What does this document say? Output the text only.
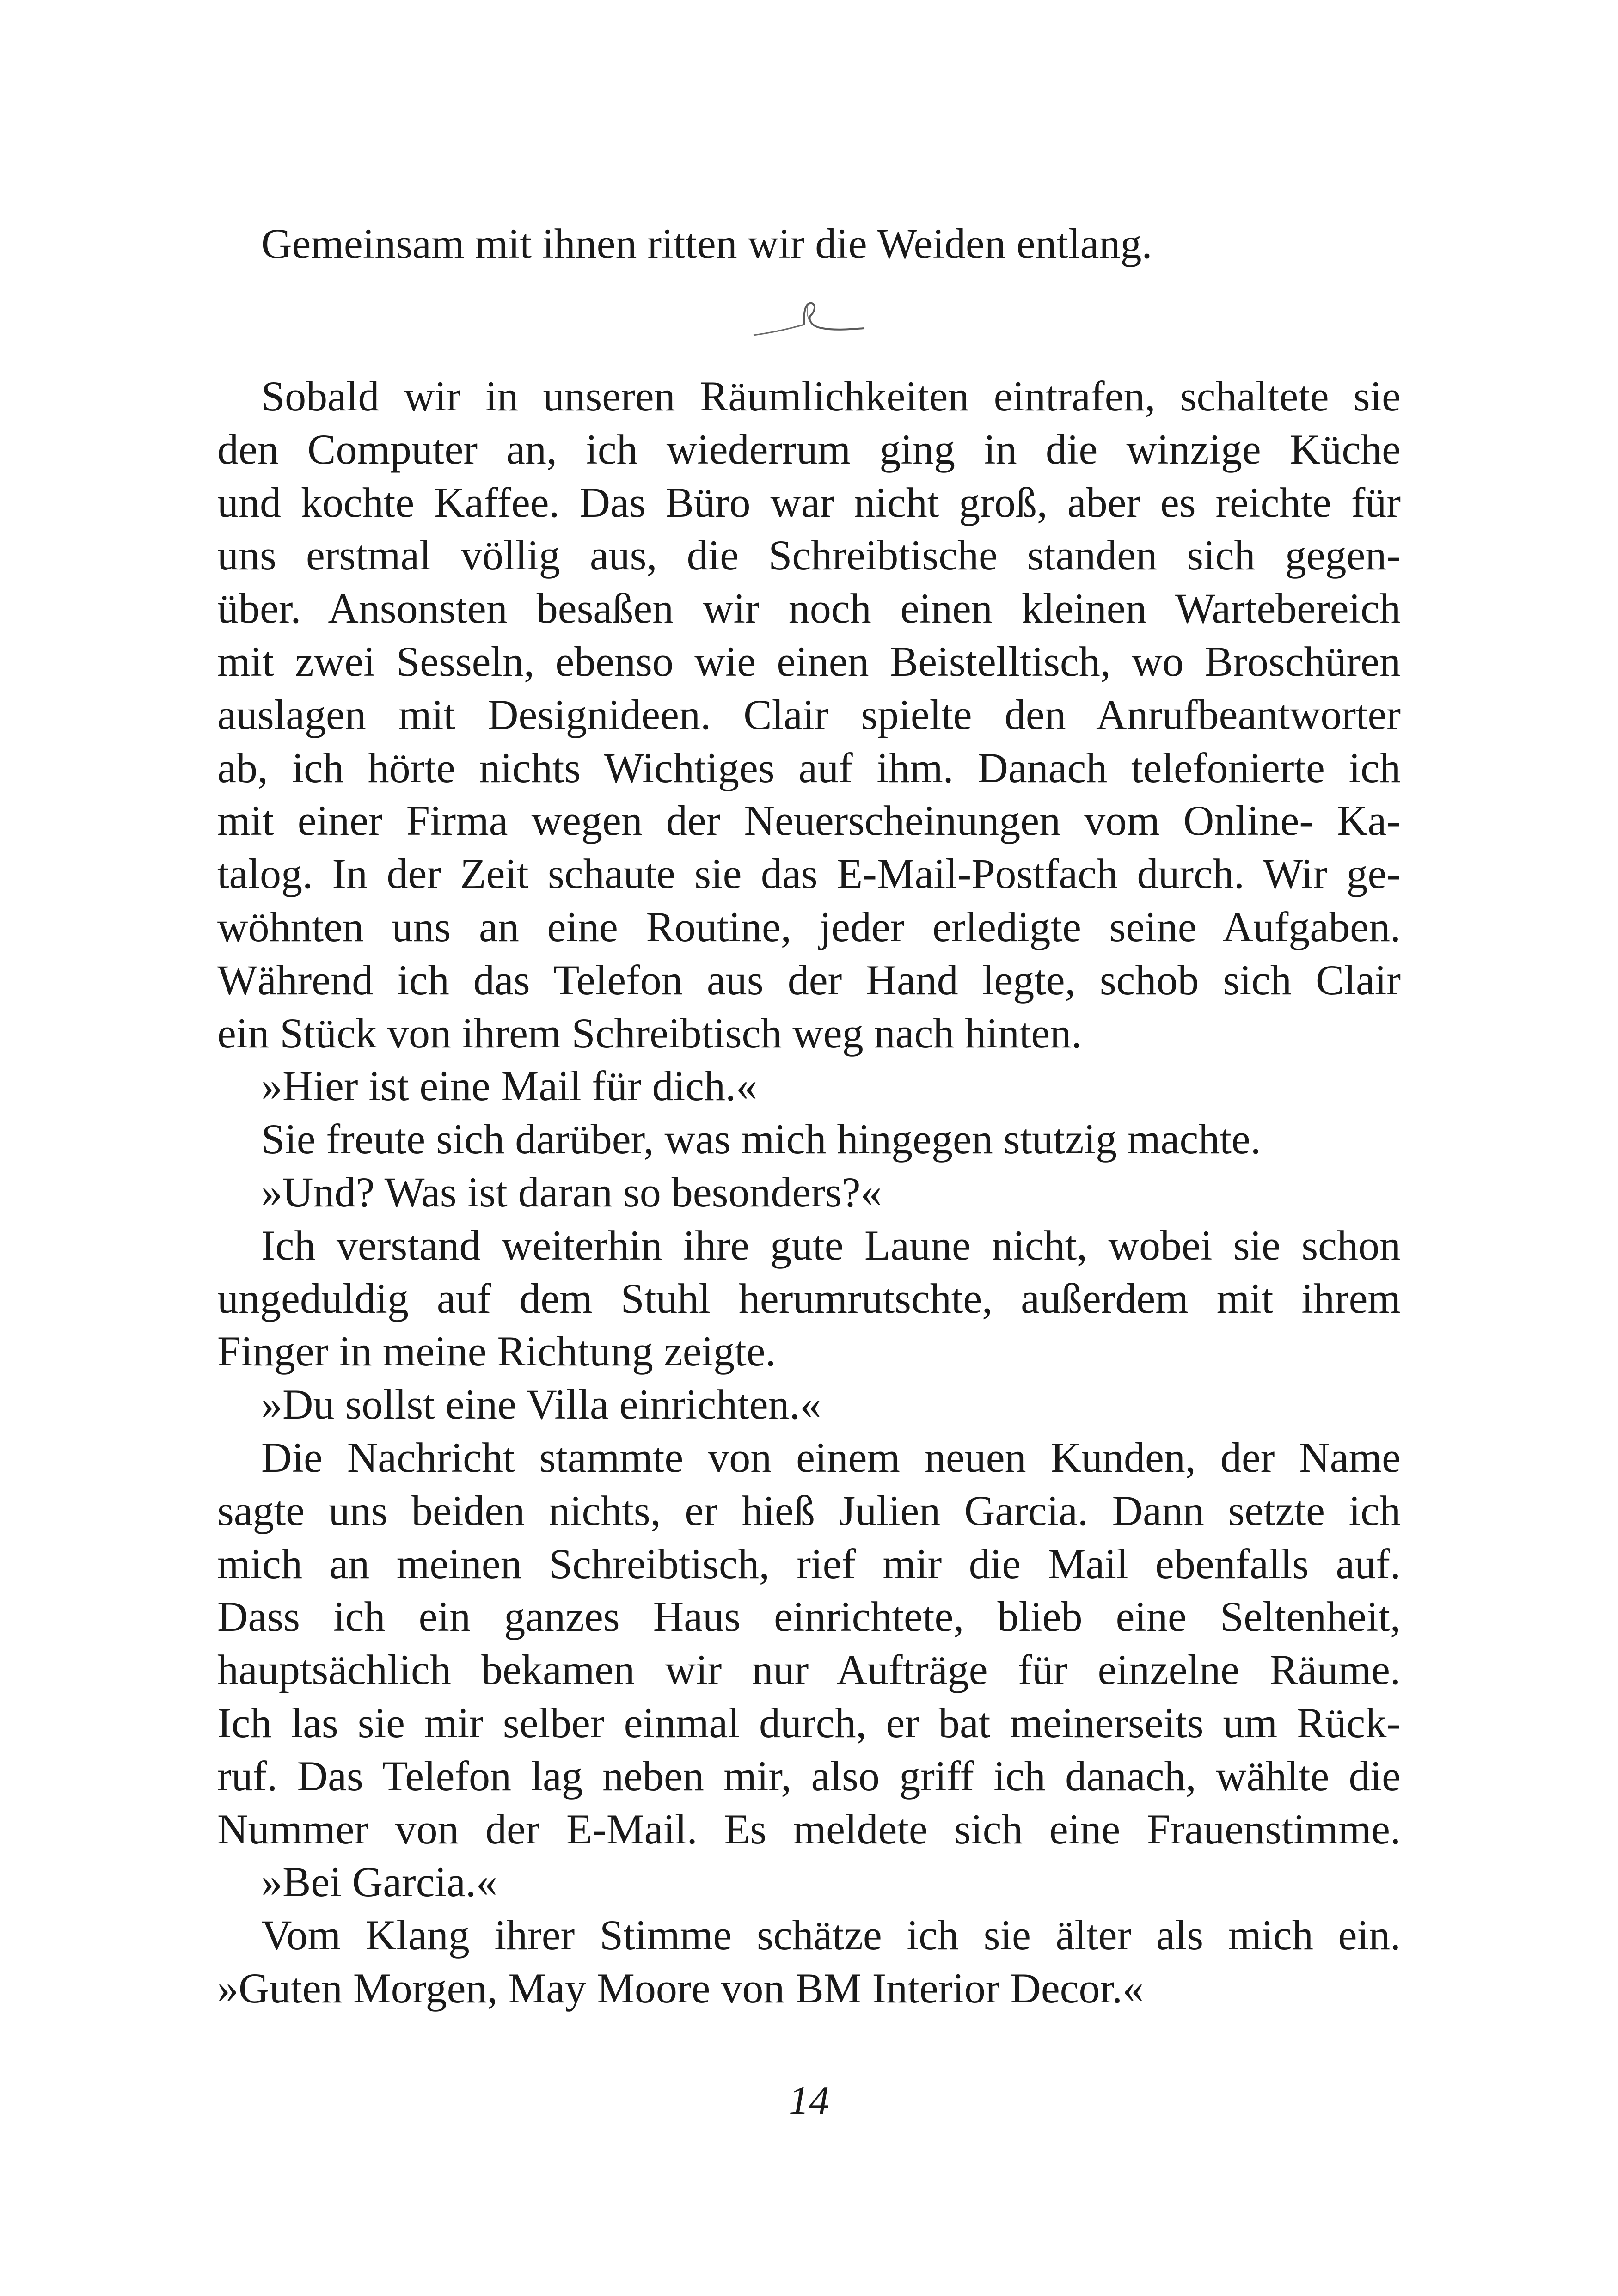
Gemeinsam mit ihnen ritten wir die Weiden entlang.
Sobald wir in unseren Räumlichkeiten eintrafen, schaltete sie
den Computer an, ich wiederrum ging in die winzige Küche
und kochte Kaffee. Das Büro war nicht groß, aber es reichte für
uns erstmal völlig aus, die Schreibtische standen sich gegen-
über. Ansonsten besaßen wir noch einen kleinen Wartebereich
mit zwei Sesseln, ebenso wie einen Beistelltisch, wo Broschüren
auslagen mit Designideen. Clair spielte den Anrufbeantworter
ab, ich hörte nichts Wichtiges auf ihm. Danach telefonierte ich
mit einer Firma wegen der Neuerscheinungen vom Online- Ka-
talog. In der Zeit schaute sie das E-Mail-Postfach durch. Wir ge-
wöhnten uns an eine Routine, jeder erledigte seine Aufgaben.
Während ich das Telefon aus der Hand legte, schob sich Clair
ein Stück von ihrem Schreibtisch weg nach hinten.
»Hier ist eine Mail für dich.«
Sie freute sich darüber, was mich hingegen stutzig machte.
»Und? Was ist daran so besonders?«
Ich verstand weiterhin ihre gute Laune nicht, wobei sie schon
ungeduldig auf dem Stuhl herumrutschte, außerdem mit ihrem
Finger in meine Richtung zeigte.
»Du sollst eine Villa einrichten.«
Die Nachricht stammte von einem neuen Kunden, der Name
sagte uns beiden nichts, er hieß Julien Garcia. Dann setzte ich
mich an meinen Schreibtisch, rief mir die Mail ebenfalls auf.
Dass ich ein ganzes Haus einrichtete, blieb eine Seltenheit,
hauptsächlich bekamen wir nur Aufträge für einzelne Räume.
Ich las sie mir selber einmal durch, er bat meinerseits um Rück-
ruf. Das Telefon lag neben mir, also griff ich danach, wählte die
Nummer von der E-Mail. Es meldete sich eine Frauenstimme.
»Bei Garcia.«
Vom Klang ihrer Stimme schätze ich sie älter als mich ein.
»Guten Morgen, May Moore von BM Interior Decor.«
14
